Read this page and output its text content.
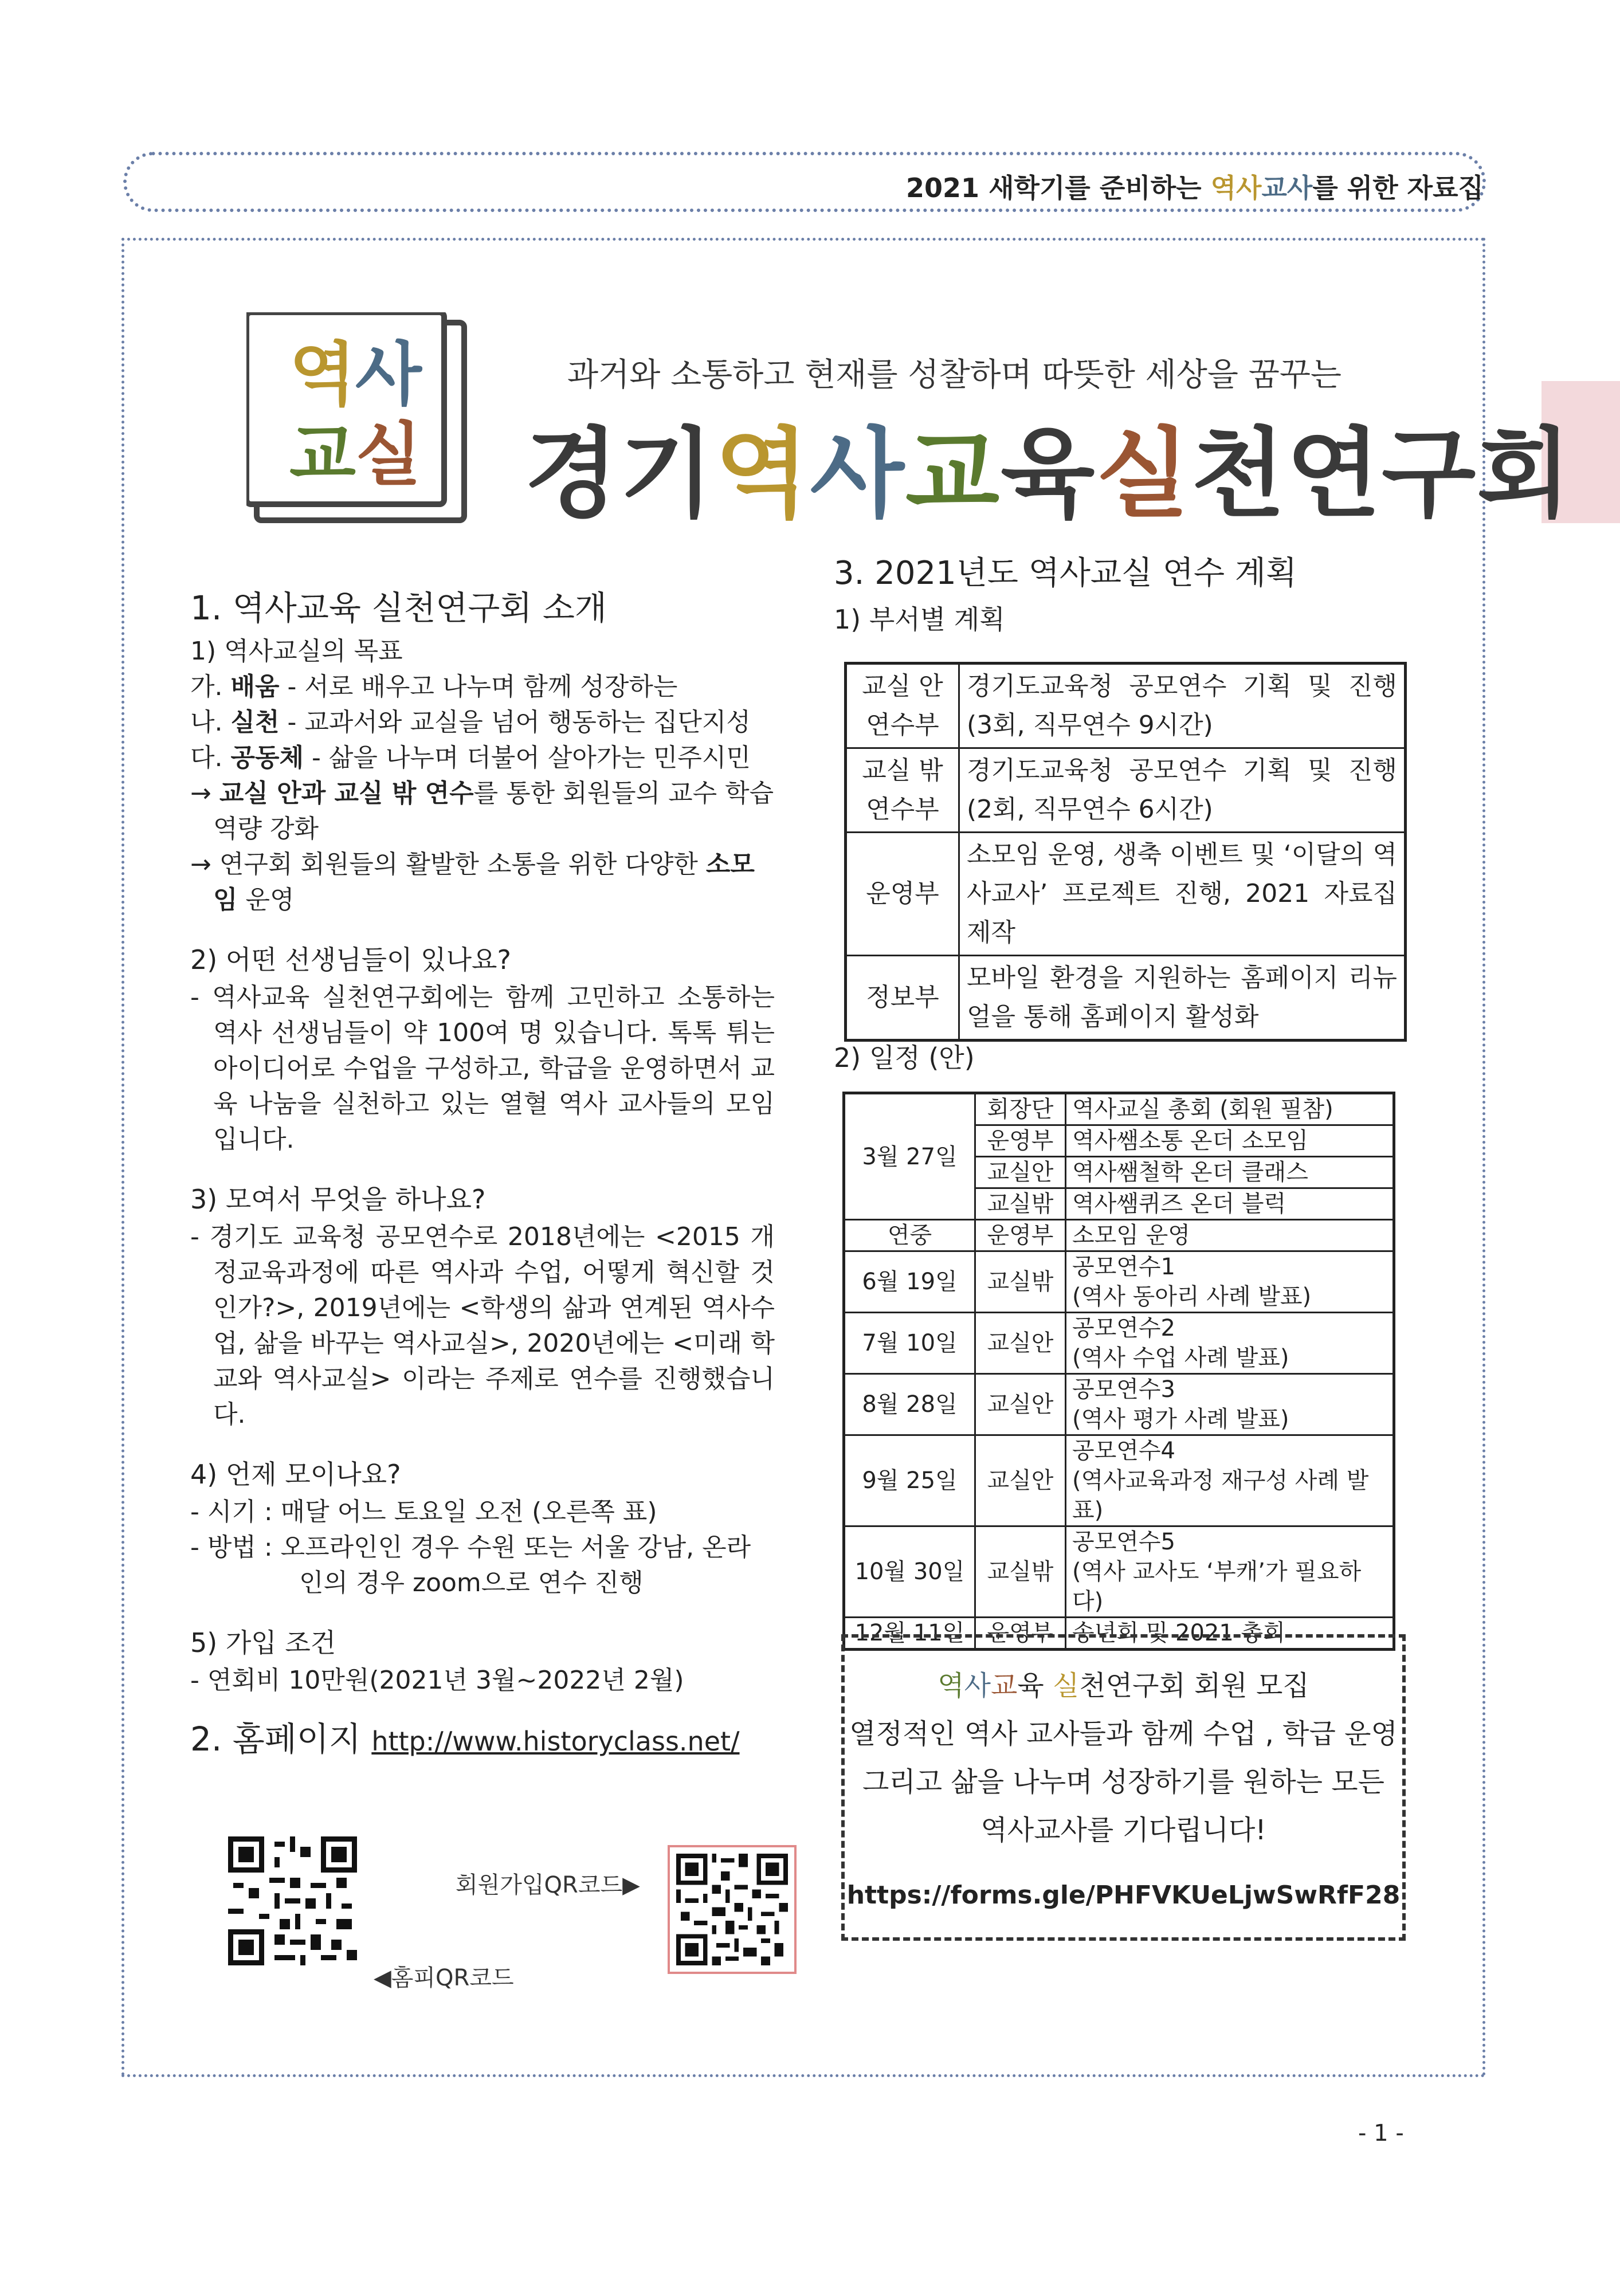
2021 새학기를 준비하는 역사교사를 위한 자료집
역 사
교 실
과거와 소통하고 현재를 성찰하며 따뜻한 세상을 꿈꾸는
경기역사교육실천연구회
1. 역사교육 실천연구회 소개
1) 역사교실의 목표
가. 배움 - 서로 배우고 나누며 함께 성장하는
나. 실천 - 교과서와 교실을 넘어 행동하는 집단지성
다. 공동체 - 삶을 나누며 더불어 살아가는 민주시민
→ 교실 안과 교실 밖 연수를 통한 회원들의 교수 학습 역량 강화
→ 연구회 회원들의 활발한 소통을 위한 다양한 소모임 운영
2) 어떤 선생님들이 있나요?
- 역사교육 실천연구회에는 함께 고민하고 소통하는 역사 선생님들이 약 100여 명 있습니다. 톡톡 튀는 아이디어로 수업을 구성하고, 학급을 운영하면서 교육 나눔을 실천하고 있는 열혈 역사 교사들의 모임입니다.
3) 모여서 무엇을 하나요?
- 경기도 교육청 공모연수로 2018년에는 <2015 개정교육과정에 따른 역사과 수업, 어떻게 혁신할 것인가?>, 2019년에는 <학생의 삶과 연계된 역사수업, 삶을 바꾸는 역사교실>, 2020년에는 <미래 학교와 역사교실> 이라는 주제로 연수를 진행했습니다.
4) 언제 모이나요?
- 시기 : 매달 어느 토요일 오전 (오른쪽 표)
- 방법 : 오프라인인 경우 수원 또는 서울 강남, 온라인의 경우 zoom으로 연수 진행
5) 가입 조건
- 연회비 10만원(2021년 3월~2022년 2월)
2. 홈페이지 http://www.historyclass.net/
◀홈피QR코드
회원가입QR코드▶
3. 2021년도 역사교실 연수 계획
1) 부서별 계획
교실 안 연수부	경기도교육청 공모연수 기획 및 진행 (3회, 직무연수 9시간)
교실 밖 연수부	경기도교육청 공모연수 기획 및 진행 (2회, 직무연수 6시간)
운영부	소모임 운영, 생축 이벤트 및 ‘이달의 역사교사’ 프로젝트 진행, 2021 자료집 제작
정보부	모바일 환경을 지원하는 홈페이지 리뉴얼을 통해 홈페이지 활성화
2) 일정 (안)
3월 27일	회장단	역사교실 총회 (회원 필참)
	운영부	역사쌤소통 온더 소모임
	교실안	역사쌤철학 온더 클래스
	교실밖	역사쌤퀴즈 온더 블럭
연중	운영부	소모임 운영
6월 19일	교실밖	공모연수1
(역사 동아리 사례 발표)

7월 10일	교실안	공모연수2
(역사 수업 사례 발표)

8월 28일	교실안	공모연수3
(역사 평가 사례 발표)

9월 25일	교실안	공모연수4
(역사교육과정 재구성 사례 발표)

10월 30일	교실밖	공모연수5
(역사 교사도 ‘부캐’가 필요하다)

12월 11일	운영부	송년회 및 2021 총회
역사교육 실천연구회 회원 모집
열정적인 역사 교사들과 함께 수업 , 학급 운영
그리고 삶을 나누며 성장하기를 원하는 모든
역사교사를 기다립니다!
https://forms.gle/PHFVKUeLjwSwRfF28
- 1 -
